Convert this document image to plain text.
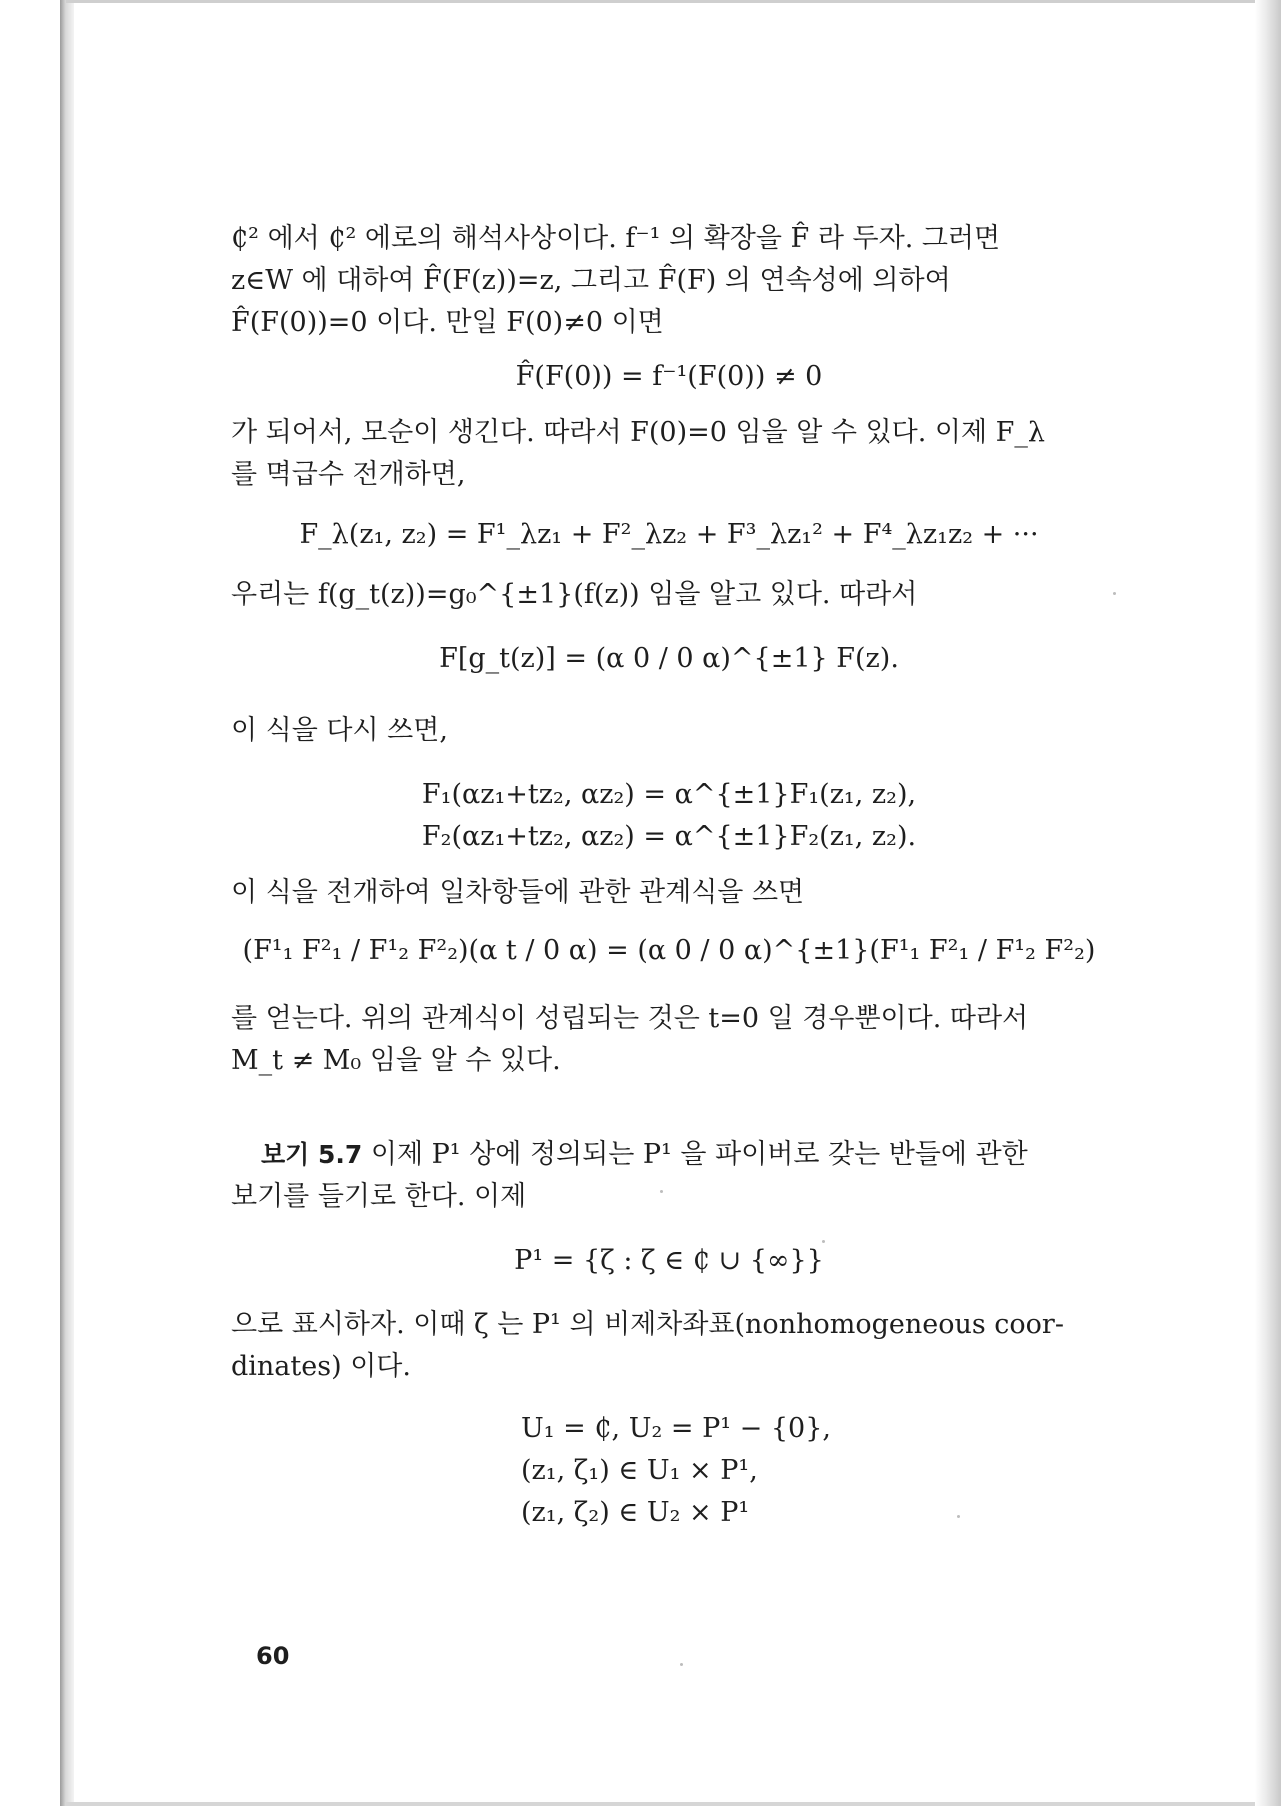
₵² 에서 ₵² 에로의 해석사상이다. f⁻¹ 의 확장을 F̂ 라 두자. 그러면

z∈W 에 대하여 F̂(F(z))=z, 그리고 F̂(F) 의 연속성에 의하여

F̂(F(0))=0 이다. 만일 F(0)≠0 이면

F̂(F(0)) = f⁻¹(F(0)) ≠ 0

가 되어서, 모순이 생긴다. 따라서 F(0)=0 임을 알 수 있다. 이제 F_λ

를 멱급수 전개하면,

F_λ(z₁, z₂) = F¹_λz₁ + F²_λz₂ + F³_λz₁² + F⁴_λz₁z₂ + ···

우리는 f(g_t(z))=g₀^{±1}(f(z)) 임을 알고 있다. 따라서

F[g_t(z)] = (α 0 / 0 α)^{±1} F(z).

이 식을 다시 쓰면,

F₁(αz₁+tz₂, αz₂) = α^{±1}F₁(z₁, z₂),

F₂(αz₁+tz₂, αz₂) = α^{±1}F₂(z₁, z₂).

이 식을 전개하여 일차항들에 관한 관계식을 쓰면

(F¹₁ F²₁ / F¹₂ F²₂)(α t / 0 α) = (α 0 / 0 α)^{±1}(F¹₁ F²₁ / F¹₂ F²₂)

를 얻는다. 위의 관계식이 성립되는 것은 t=0 일 경우뿐이다. 따라서

M_t ≠ M₀ 임을 알 수 있다.

보기 5.7 이제 P¹ 상에 정의되는 P¹ 을 파이버로 갖는 반들에 관한

보기를 들기로 한다. 이제

P¹ = {ζ : ζ ∈ ₵ ∪ {∞}}

으로 표시하자. 이때 ζ 는 P¹ 의 비제차좌표(nonhomogeneous coor-

dinates) 이다.

U₁ = ₵, U₂ = P¹ − {0},

(z₁, ζ₁) ∈ U₁ × P¹,

(z₁, ζ₂) ∈ U₂ × P¹

60
